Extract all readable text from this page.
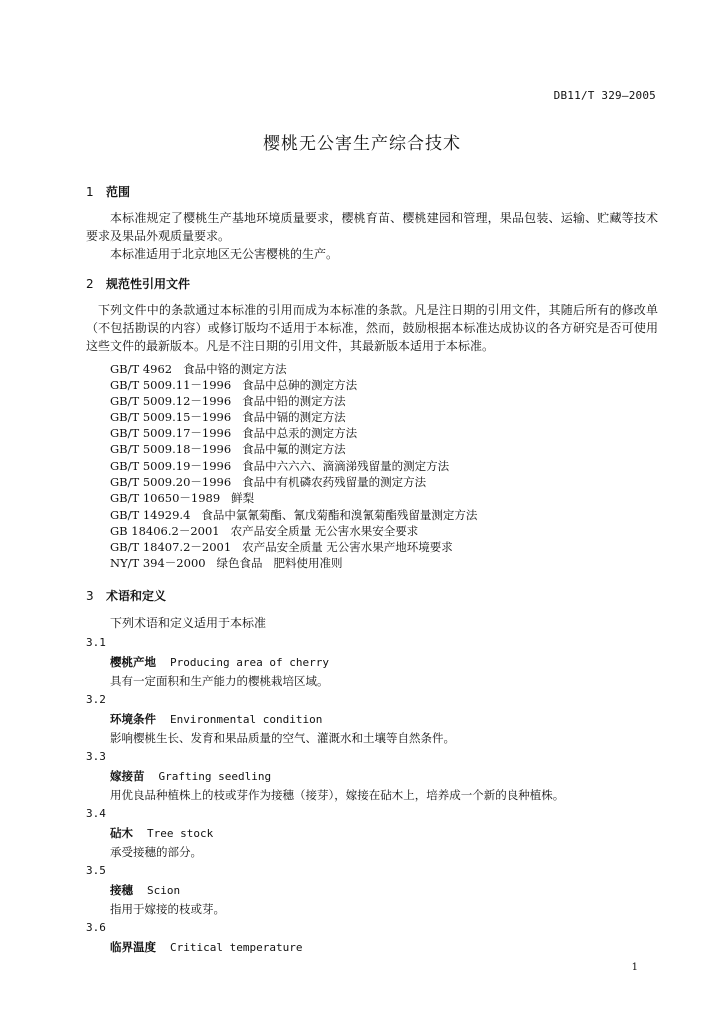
DB11/T 329—2005
樱桃无公害生产综合技术
1 范围
本标准规定了樱桃生产基地环境质量要求，樱桃育苗、樱桃建园和管理，果品包装、运输、贮藏等技术要求及果品外观质量要求。
本标准适用于北京地区无公害樱桃的生产。
2 规范性引用文件
下列文件中的条款通过本标准的引用而成为本标准的条款。凡是注日期的引用文件，其随后所有的修改单（不包括勘误的内容）或修订版均不适用于本标准，然而，鼓励根据本标准达成协议的各方研究是否可使用这些文件的最新版本。凡是不注日期的引用文件，其最新版本适用于本标准。
GB/T 4962   食品中铬的测定方法
GB/T 5009.11－1996   食品中总砷的测定方法
GB/T 5009.12－1996   食品中铅的测定方法
GB/T 5009.15－1996   食品中镉的测定方法
GB/T 5009.17－1996   食品中总汞的测定方法
GB/T 5009.18－1996   食品中氟的测定方法
GB/T 5009.19－1996   食品中六六六、滴滴涕残留量的测定方法
GB/T 5009.20－1996   食品中有机磷农药残留量的测定方法
GB/T 10650－1989   鲜梨
GB/T 14929.4   食品中氯氰菊酯、氰戊菊酯和溴氰菊酯残留量测定方法
GB 18406.2－2001   农产品安全质量 无公害水果安全要求
GB/T 18407.2－2001   农产品安全质量 无公害水果产地环境要求
NY/T 394－2000   绿色食品   肥料使用准则
3 术语和定义
下列术语和定义适用于本标准
3.1
樱桃产地 Producing area of cherry
具有一定面积和生产能力的樱桃栽培区域。
3.2
环境条件 Environmental condition
影响樱桃生长、发育和果品质量的空气、灌溉水和土壤等自然条件。
3.3
嫁接苗 Grafting seedling
用优良品种植株上的枝或芽作为接穗（接芽），嫁接在砧木上，培养成一个新的良种植株。
3.4
砧木 Tree stock
承受接穗的部分。
3.5
接穗 Scion
指用于嫁接的枝或芽。
3.6
临界温度 Critical temperature
1
